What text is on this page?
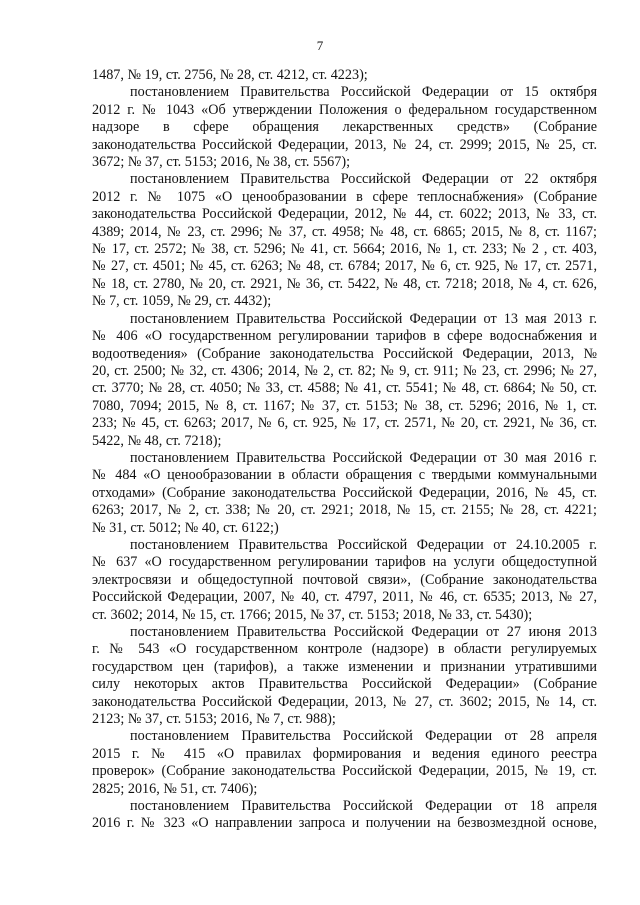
7
1487, № 19, ст. 2756, № 28, ст. 4212, ст. 4223);
постановлением Правительства Российской Федерации от 15 октября
2012 г. № 1043 «Об утверждении Положения о федеральном государственном
надзоре в сфере обращения лекарственных средств» (Собрание
законодательства Российской Федерации, 2013, № 24, ст. 2999; 2015, № 25, ст.
3672; № 37, ст. 5153; 2016, № 38, ст. 5567);
постановлением Правительства Российской Федерации от 22 октября
2012 г. № 1075 «О ценообразовании в сфере теплоснабжения» (Собрание
законодательства Российской Федерации, 2012, № 44, ст. 6022; 2013, № 33, ст.
4389; 2014, № 23, ст. 2996; № 37, ст. 4958; № 48, ст. 6865; 2015, № 8, ст. 1167;
№ 17, ст. 2572; № 38, ст. 5296; № 41, ст. 5664; 2016, № 1, ст. 233; № 2 , ст. 403,
№ 27, ст. 4501; № 45, ст. 6263; № 48, ст. 6784; 2017, № 6, ст. 925, № 17, ст. 2571,
№ 18, ст. 2780, № 20, ст. 2921, № 36, ст. 5422, № 48, ст. 7218; 2018, № 4, ст. 626,
№ 7, ст. 1059, № 29, ст. 4432);
постановлением Правительства Российской Федерации от 13 мая 2013 г.
№ 406 «О государственном регулировании тарифов в сфере водоснабжения и
водоотведения» (Собрание законодательства Российской Федерации, 2013, №
20, ст. 2500; № 32, ст. 4306; 2014, № 2, ст. 82; № 9, ст. 911; № 23, ст. 2996; № 27,
ст. 3770; № 28, ст. 4050; № 33, ст. 4588; № 41, ст. 5541; № 48, ст. 6864; № 50, ст.
7080, 7094; 2015, № 8, ст. 1167; № 37, ст. 5153; № 38, ст. 5296; 2016, № 1, ст.
233; № 45, ст. 6263; 2017, № 6, ст. 925, № 17, ст. 2571, № 20, ст. 2921, № 36, ст.
5422, № 48, ст. 7218);
постановлением Правительства Российской Федерации от 30 мая 2016 г.
№ 484 «О ценообразовании в области обращения с твердыми коммунальными
отходами» (Собрание законодательства Российской Федерации, 2016, № 45, ст.
6263; 2017, № 2, ст. 338; № 20, ст. 2921; 2018, № 15, ст. 2155; № 28, ст. 4221;
№ 31, ст. 5012; № 40, ст. 6122;)
постановлением Правительства Российской Федерации от 24.10.2005 г.
№ 637 «О государственном регулировании тарифов на услуги общедоступной
электросвязи и общедоступной почтовой связи», (Собрание законодательства
Российской Федерации, 2007, № 40, ст. 4797, 2011, № 46, ст. 6535; 2013, № 27,
ст. 3602; 2014, № 15, ст. 1766; 2015, № 37, ст. 5153; 2018, № 33, ст. 5430);
постановлением Правительства Российской Федерации от 27 июня 2013
г. № 543 «О государственном контроле (надзоре) в области регулируемых
государством цен (тарифов), а также изменении и признании утратившими
силу некоторых актов Правительства Российской Федерации» (Собрание
законодательства Российской Федерации, 2013, № 27, ст. 3602; 2015, № 14, ст.
2123; № 37, ст. 5153; 2016, № 7, ст. 988);
постановлением Правительства Российской Федерации от 28 апреля
2015 г. № 415 «О правилах формирования и ведения единого реестра
проверок» (Собрание законодательства Российской Федерации, 2015, № 19, ст.
2825; 2016, № 51, ст. 7406);
постановлением Правительства Российской Федерации от 18 апреля
2016 г. № 323 «О направлении запроса и получении на безвозмездной основе,
